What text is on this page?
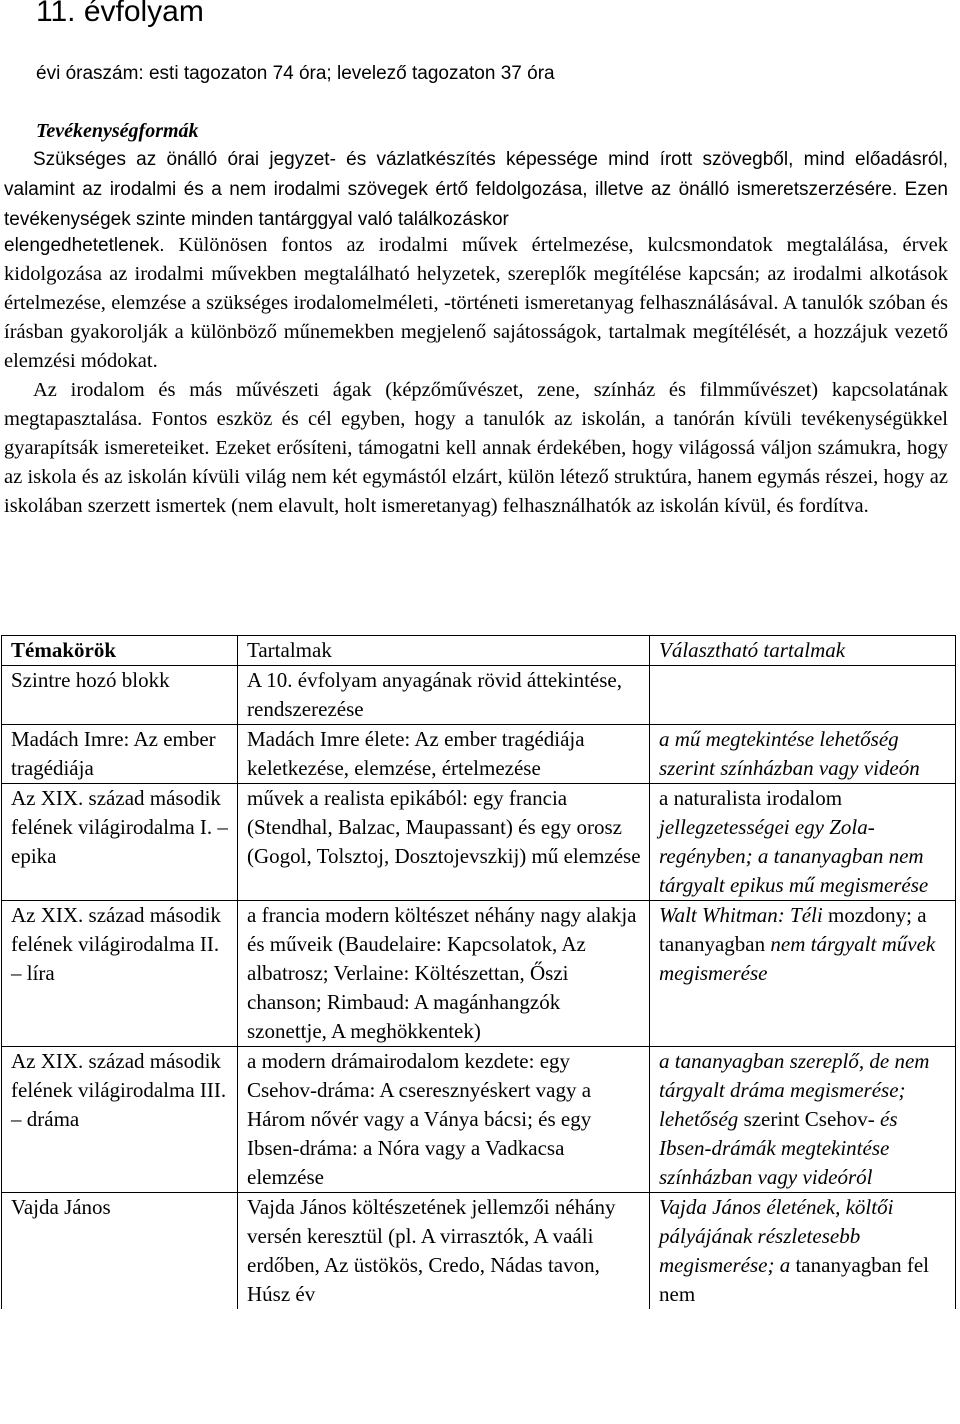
11. évfolyam

évi óraszám: esti tagozaton 74 óra; levelező tagozaton 37 óra

Tevékenységformák

Szükséges az önálló órai jegyzet- és vázlatkészítés képessége mind írott szövegből, mind előadásról, valamint az irodalmi és a nem irodalmi szövegek értő feldolgozása, illetve az önálló ismeretszerzésére. Ezen tevékenységek szinte minden tantárggyal való találkozáskor

elengedhetetlenek. Különösen fontos az irodalmi művek értelmezése, kulcsmondatok megtalálása, érvek kidolgozása az irodalmi művekben megtalálható helyzetek, szereplők megítélése kapcsán; az irodalmi alkotások értelmezése, elemzése a szükséges irodalomelméleti, -történeti ismeretanyag felhasználásával. A tanulók szóban és írásban gyakorolják a különböző műnemekben megjelenő sajátosságok, tartalmak megítélését, a hozzájuk vezető elemzési módokat.
Az irodalom és más művészeti ágak (képzőművészet, zene, színház és filmművészet) kapcsolatának megtapasztalása. Fontos eszköz és cél egyben, hogy a tanulók az iskolán, a tanórán kívüli tevékenységükkel gyarapítsák ismereteiket. Ezeket erősíteni, támogatni kell annak érdekében, hogy világossá váljon számukra, hogy az iskola és az iskolán kívüli világ nem két egymástól elzárt, külön létező struktúra, hanem egymás részei, hogy az iskolában szerzett ismertek (nem elavult, holt ismeretanyag) felhasználhatók az iskolán kívül, és fordítva.

Témakörök	Tartalmak	Választható tartalmak
Szintre hozó blokk	A 10. évfolyam anyagának rövid áttekintése, rendszerezése	
Madách Imre: Az ember tragédiája	Madách Imre élete: Az ember tragédiája keletkezése, elemzése, értelmezése	a mű megtekintése lehetőség szerint színházban vagy videón
Az XIX. század második felének világirodalma I. – epika	művek a realista epikából: egy francia (Stendhal, Balzac, Maupassant) és egy orosz (Gogol, Tolsztoj, Dosztojevszkij) mű elemzése	a naturalista irodalom jellegzetességei egy Zola-regényben; a tananyagban nem tárgyalt epikus mű megismerése
Az XIX. század második felének világirodalma II. – líra	a francia modern költészet néhány nagy alakja és műveik (Baudelaire: Kapcsolatok, Az albatrosz; Verlaine: Költészettan, Őszi chanson; Rimbaud: A magánhangzók szonettje, A meghökkentek)	Walt Whitman: Téli mozdony; a tananyagban nem tárgyalt művek megismerése
Az XIX. század második felének világirodalma III. – dráma	a modern drámairodalom kezdete: egy Csehov-dráma: A cseresznyéskert vagy a Három nővér vagy a Ványa bácsi; és egy Ibsen-dráma: a Nóra vagy a Vadkacsa elemzése	a tananyagban szereplő, de nem tárgyalt dráma megismerése; lehetőség szerint Csehov- és Ibsen-drámák megtekintése színházban vagy videóról
Vajda János	Vajda János költészetének jellemzői néhány versén keresztül (pl. A virrasztók, A vaáli erdőben, Az üstökös, Credo, Nádas tavon, Húsz év	Vajda János életének, költői pályájának részletesebb megismerése; a tananyagban fel nem
